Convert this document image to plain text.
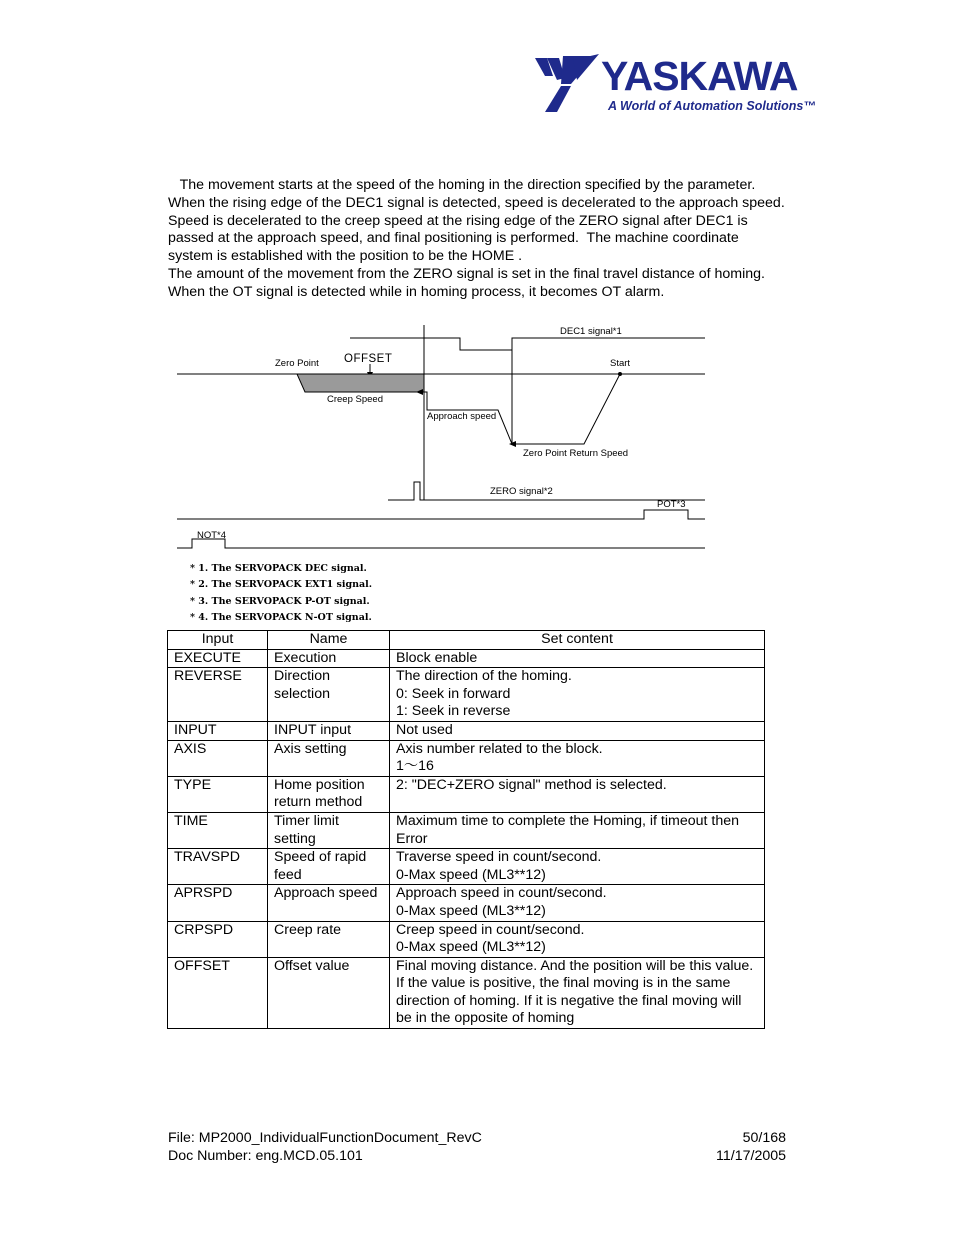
YASKAWA
A World of Automation Solutions™

The movement starts at the speed of the homing in the direction specified by the parameter.

When the rising edge of the DEC1 signal is detected, speed is decelerated to the approach speed.

Speed is decelerated to the creep speed at the rising edge of the ZERO signal after DEC1 is

passed at the approach speed, and final positioning is performed.  The machine coordinate

system is established with the position to be the HOME .

The amount of the movement from the ZERO signal is set in the final travel distance of homing.

When the OT signal is detected while in homing process, it becomes OT alarm.

DEC1 signal*1
Zero Point OFFSET	Start
Creep Speed
Approach speed
Zero Point Return Speed
ZERO signal*2
POT*3
NOT*4
* 1. The SERVOPACK DEC signal.
* 2. The SERVOPACK EXT1 signal.
* 3. The SERVOPACK P-OT signal.
* 4. The SERVOPACK N-OT signal.
Input	Name	Set content
EXECUTE	Execution	Block enable

REVERSE	Direction selection	The direction of the homing.
0: Seek in forward
1: Seek in reverse

INPUT	INPUT input	Not used

AXIS	Axis setting	Axis number related to the block.
1～16

TYPE	Home position return method	2: "DEC+ZERO signal" method is selected.

TIME	Timer limit setting	Maximum time to complete the Homing, if timeout then Error

TRAVSPD	Speed of rapid feed	Traverse speed in count/second.
0-Max speed (ML3**12)

APRSPD	Approach speed	Approach speed in count/second.
0-Max speed (ML3**12)

CRPSPD	Creep rate	Creep speed in count/second.
0-Max speed (ML3**12)

OFFSET	Offset value	Final moving distance. And the position will be this value. If the value is positive, the final moving is in the same direction of homing. If it is negative the final moving will be in the opposite of homing
File: MP2000_IndividualFunctionDocument_RevC	50/168
Doc Number: eng.MCD.05.101	11/17/2005
